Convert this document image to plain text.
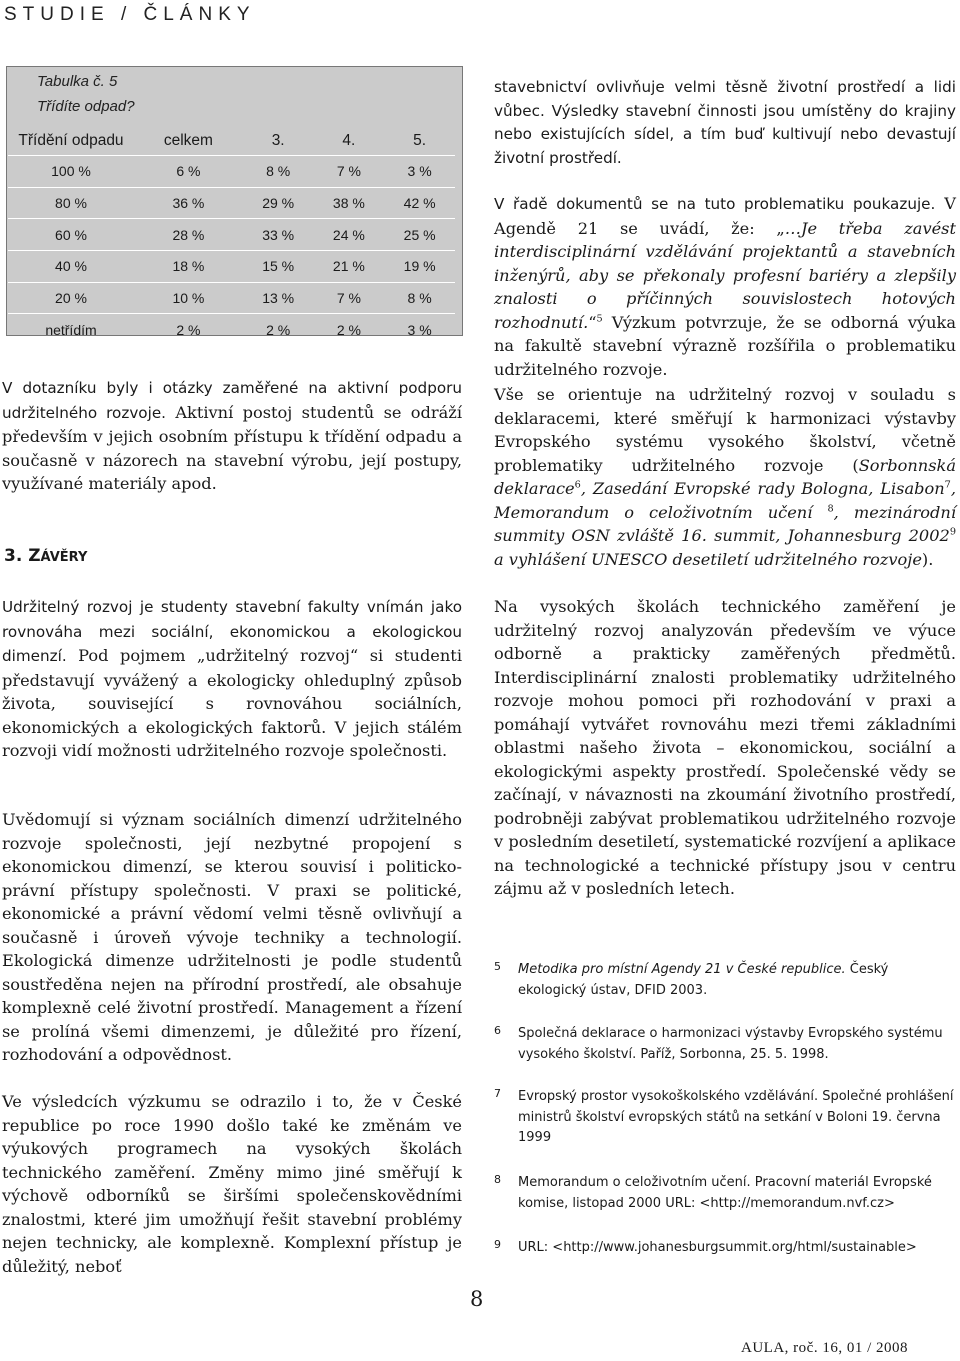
STUDIE / ČLÁNKY
Tabulka č. 5
Třídíte odpad?
Třídění odpadu	celkem	3.	4.	5.
100 %	6 %	8 %	7 %	3 %
80 %	36 %	29 %	38 %	42 %
60 %	28 %	33 %	24 %	25 %
40 %	18 %	15 %	21 %	19 %
20 %	10 %	13 %	7 %	8 %
netřídím	2 %	2 %	2 %	3 %

V dotazníku byly i otázky zaměřené na aktivní podporu udržitelného rozvoje. Aktivní postoj studentů se odráží především v jejich osobním přístupu k třídění odpadu a současně v názorech na stavební výrobu, její postupy, využívané materiály apod.

3. ZÁVĚRY

Udržitelný rozvoj je studenty stavební fakulty vnímán jako rovnováha mezi sociální, ekonomickou a ekologickou dimenzí. Pod pojmem „udržitelný rozvoj“ si studenti představují vyvážený a ekologicky ohleduplný způsob života, související s rovnováhou sociálních, ekonomických a ekologických faktorů. V jejich stálém rozvoji vidí možnosti udržitelného rozvoje společnosti.

Uvědomují si význam sociálních dimenzí udržitelného rozvoje společnosti, její nezbytné propojení s ekonomickou dimenzí, se kterou souvisí i politicko-právní přístupy společnosti. V praxi se politické, ekonomické a právní vědomí velmi těsně ovlivňují a současně i úroveň vývoje techniky a technologií. Ekologická dimenze udržitelnosti je podle studentů soustředěna nejen na přírodní prostředí, ale obsahuje komplexně celé životní prostředí. Management a řízení se prolíná všemi dimenzemi, je důležité pro řízení, rozhodování a odpovědnost.

Ve výsledcích výzkumu se odrazilo i to, že v České republice po roce 1990 došlo také ke změnám ve výukových programech na vysokých školách technického zaměření. Změny mimo jiné směřují k výchově odborníků se širšími společenskovědními znalostmi, které jim umožňují řešit stavební problémy nejen technicky, ale komplexně. Komplexní přístup je důležitý, neboť

stavebnictví ovlivňuje velmi těsně životní prostředí a lidi vůbec. Výsledky stavební činnosti jsou umístěny do krajiny nebo existujících sídel, a tím buď kultivují nebo devastují životní prostředí.

V řadě dokumentů se na tuto problematiku poukazuje. V Agendě 21 se uvádí, že: „…Je třeba zavést interdisciplinární vzdělávání projektantů a stavebních inženýrů, aby se překonaly profesní bariéry a zlepšily znalosti o příčinných souvislostech hotových rozhodnutí.“$^5$ Výzkum potvrzuje, že se odborná výuka na fakultě stavební výrazně rozšířila o problematiku udržitelného rozvoje.

Vše se orientuje na udržitelný rozvoj v souladu s deklaracemi, které směřují k harmonizaci výstavby Evropského systému vysokého školství, včetně problematiky udržitelného rozvoje (Sorbonnská deklarace$^6$, Zasedání Evropské rady Bologna, Lisabon$^7$, Memorandum o celoživotním učení $^8$, mezinárodní summity OSN zvláště 16. summit, Johannesburg 2002$^9$ a vyhlášení UNESCO desetiletí udržitelného rozvoje).

Na vysokých školách technického zaměření je udržitelný rozvoj analyzován především ve výuce odborně a prakticky zaměřených předmětů. Interdisciplinární znalosti problematiky udržitelného rozvoje mohou pomoci při rozhodování v praxi a pomáhají vytvářet rovnováhu mezi třemi základními oblastmi našeho života – ekonomickou, sociální a ekologickými aspekty prostředí. Společenské vědy se začínají, v návaznosti na zkoumání životního prostředí, podrobněji zabývat problematikou udržitelného rozvoje v posledním desetiletí, systematické rozvíjení a aplikace na technologické a technické přístupy jsou v centru zájmu až v posledních letech.

5 Metodika pro místní Agendy 21 v České republice. Český ekologický ústav, DFID 2003.
6 Společná deklarace o harmonizaci výstavby Evropského systému vysokého školství. Paříž, Sorbonna, 25. 5. 1998.
7 Evropský prostor vysokoškolského vzdělávání. Společné prohlášení ministrů školství evropských států na setkání v Boloni 19. června 1999
8 Memorandum o celoživotním učení. Pracovní materiál Evropské komise, listopad 2000 URL: <http://memorandum.nvf.cz>
9 URL: <http://www.johanesburgsummit.org/html/sustainable>
8
AULA, roč. 16, 01 / 2008
